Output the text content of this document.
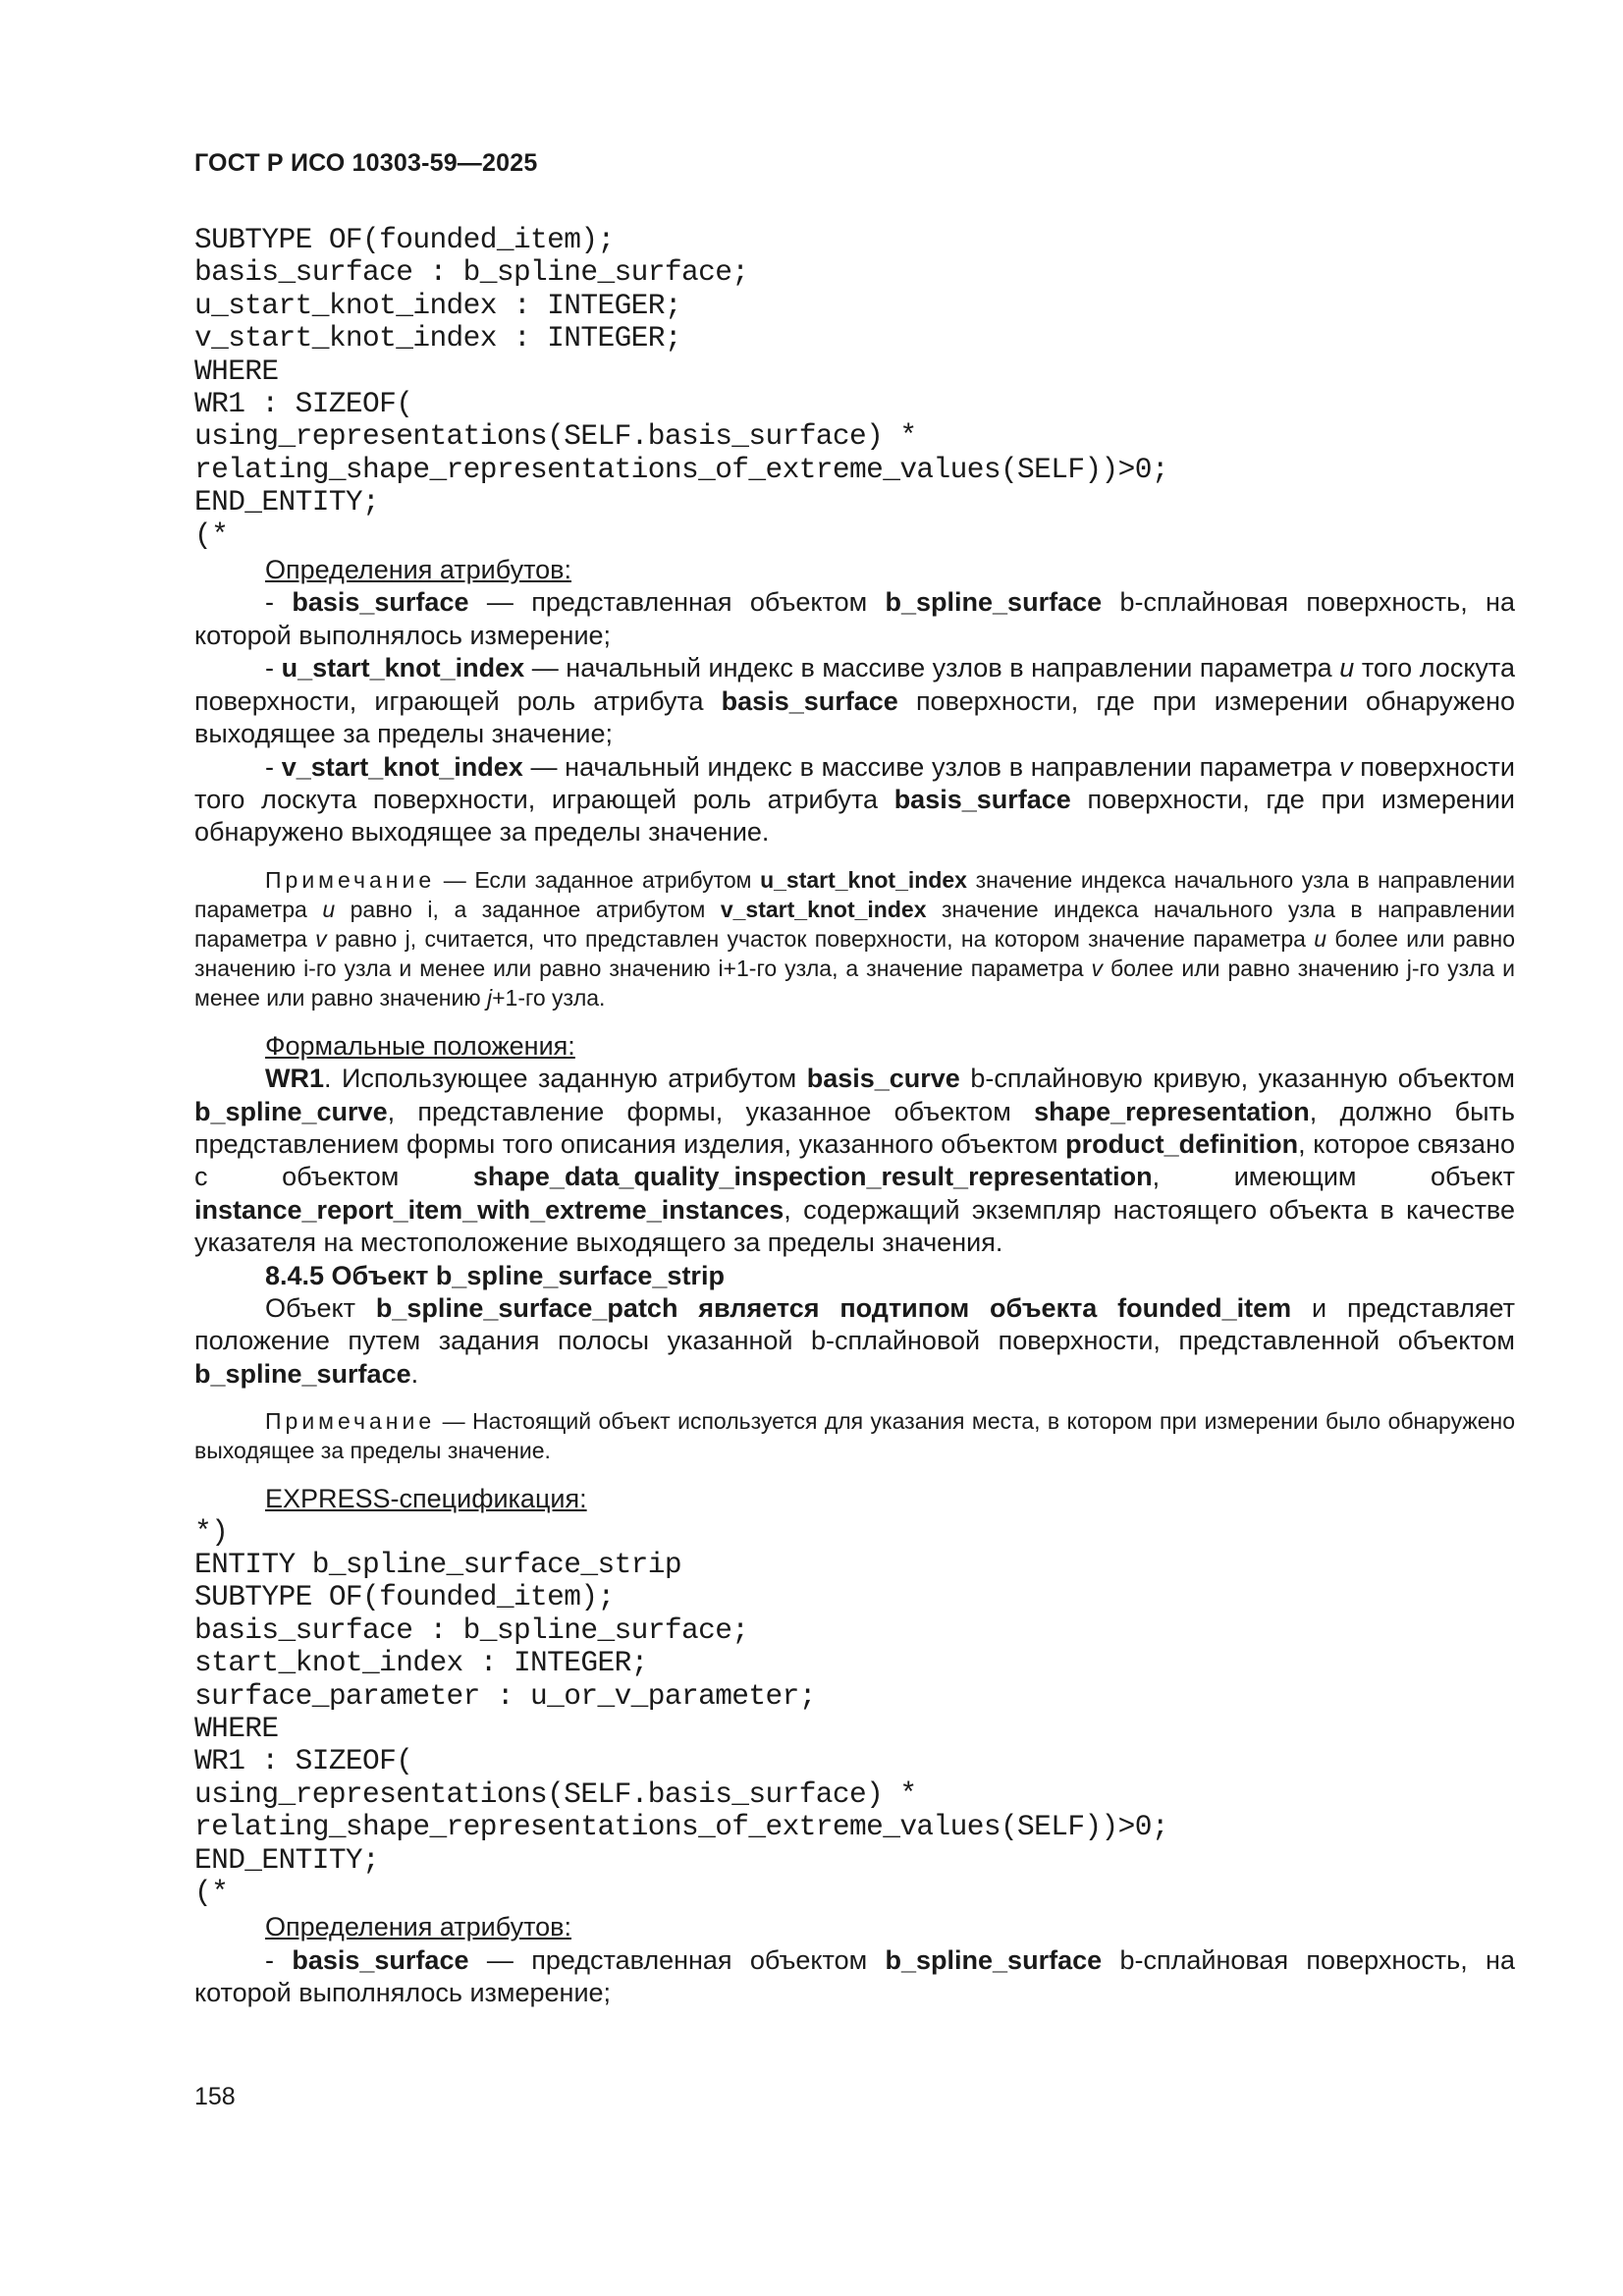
ГОСТ Р ИСО 10303-59—2025
SUBTYPE OF(founded_item);
basis_surface : b_spline_surface;
u_start_knot_index : INTEGER;
v_start_knot_index : INTEGER;
WHERE
WR1 : SIZEOF(
using_representations(SELF.basis_surface) *
relating_shape_representations_of_extreme_values(SELF))>0;
END_ENTITY;
(*
Определения атрибутов:

- basis_surface — представленная объектом b_spline_surface b-сплайновая поверхность, на которой выполнялось измерение;

- u_start_knot_index — начальный индекс в массиве узлов в направлении параметра u того лоскута поверхности, играющей роль атрибута basis_surface поверхности, где при измерении обнаружено выходящее за пределы значение;

- v_start_knot_index — начальный индекс в массиве узлов в направлении параметра v поверхности того лоскута поверхности, играющей роль атрибута basis_surface поверхности, где при измерении обнаружено выходящее за пределы значение.

Примечание — Если заданное атрибутом u_start_knot_index значение индекса начального узла в направлении параметра u равно i, а заданное атрибутом v_start_knot_index значение индекса начального узла в направлении параметра v равно j, считается, что представлен участок поверхности, на котором значение параметра u более или равно значению i-го узла и менее или равно значению i+1-го узла, а значение параметра v более или равно значению j-го узла и менее или равно значению j+1-го узла.

Формальные положения:

WR1. Использующее заданную атрибутом basis_curve b-сплайновую кривую, указанную объектом b_spline_curve, представление формы, указанное объектом shape_representation, должно быть представлением формы того описания изделия, указанного объектом product_definition, которое связано с объектом shape_data_quality_inspection_result_representation, имеющим объект instance_report_item_with_extreme_instances, содержащий экземпляр настоящего объекта в качестве указателя на местоположение выходящего за пределы значения.

8.4.5 Объект b_spline_surface_strip

Объект b_spline_surface_patch является подтипом объекта founded_item и представляет положение путем задания полосы указанной b-сплайновой поверхности, представленной объектом b_spline_surface.

Примечание — Настоящий объект используется для указания места, в котором при измерении было обнаружено выходящее за пределы значение.

EXPRESS-спецификация:
*)
ENTITY b_spline_surface_strip
SUBTYPE OF(founded_item);
basis_surface : b_spline_surface;
start_knot_index : INTEGER;
surface_parameter : u_or_v_parameter;
WHERE
WR1 : SIZEOF(
using_representations(SELF.basis_surface) *
relating_shape_representations_of_extreme_values(SELF))>0;
END_ENTITY;
(*
Определения атрибутов:

- basis_surface — представленная объектом b_spline_surface b-сплайновая поверхность, на которой выполнялось измерение;

158
